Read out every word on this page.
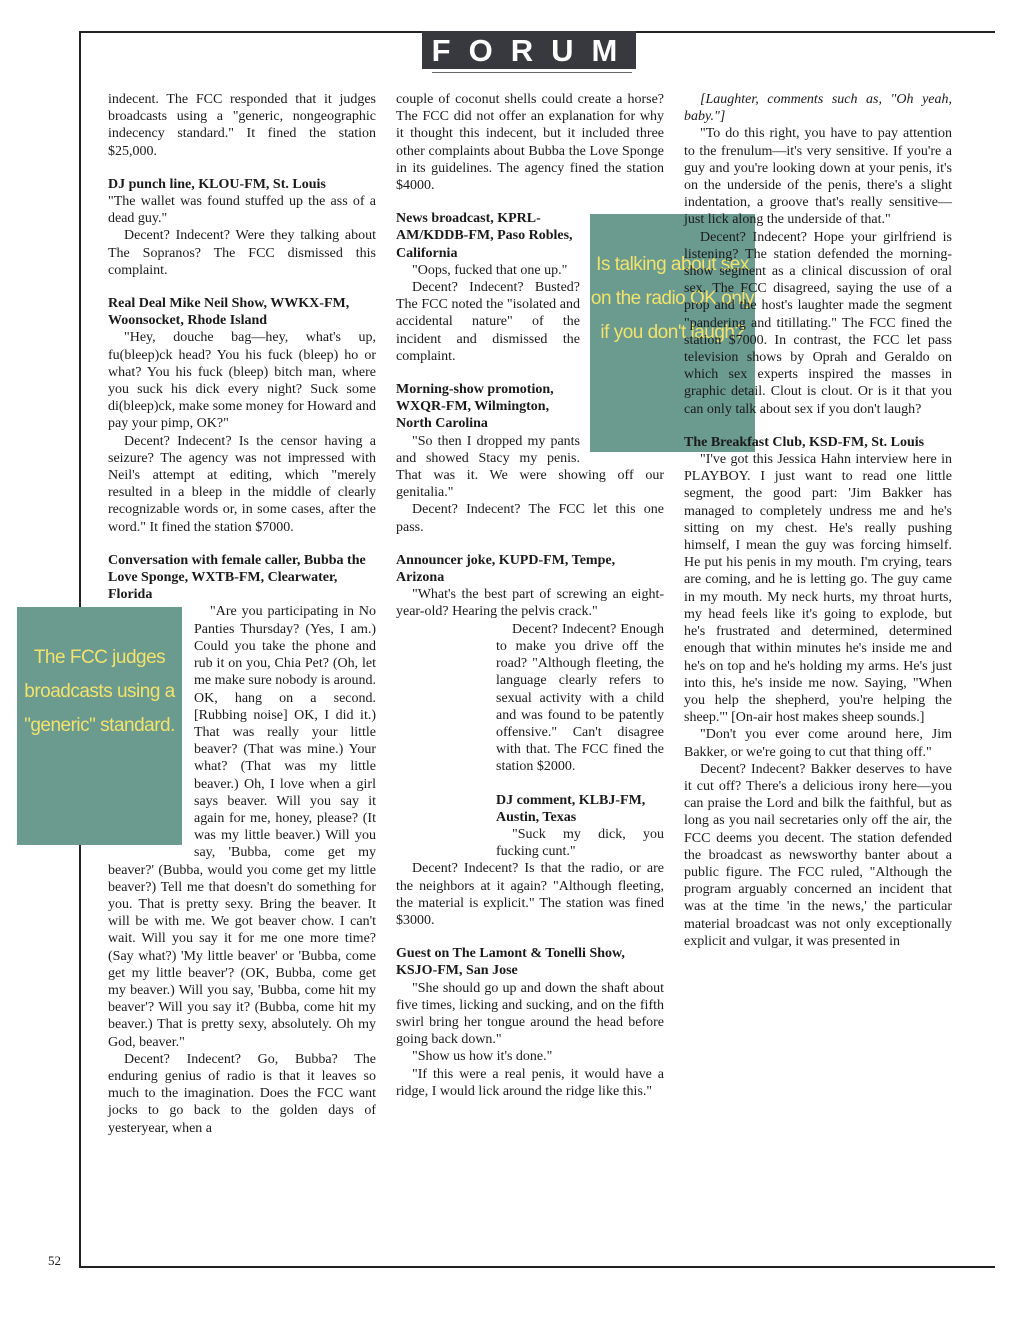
FORUM

indecent. The FCC responded that it judges broadcasts using a "generic, nongeographic indecency standard." It fined the station $25,000.

DJ punch line, KLOU-FM, St. Louis

"The wallet was found stuffed up the ass of a dead guy."

Decent? Indecent? Were they talking about The Sopranos? The FCC dismissed this complaint.

Real Deal Mike Neil Show, WWKX-FM, Woonsocket, Rhode Island

"Hey, douche bag—hey, what's up, fu(bleep)ck head? You his fuck (bleep) ho or what? You his fuck (bleep) bitch man, where you suck his dick every night? Suck some di(bleep)ck, make some money for Howard and pay your pimp, OK?"

Decent? Indecent? Is the censor having a seizure? The agency was not impressed with Neil's attempt at editing, which "merely resulted in a bleep in the middle of clearly recognizable words or, in some cases, after the word." It fined the station $7000.

Conversation with female caller, Bubba the Love Sponge, WXTB-FM, Clearwater, Florida

The FCC judges broadcasts using a "generic" standard.
"Are you participating in No Panties Thursday? (Yes, I am.) Could you take the phone and rub it on you, Chia Pet? (Oh, let me make sure nobody is around. OK, hang on a second. [Rubbing noise] OK, I did it.) That was really your little beaver? (That was mine.) Your what? (That was my little beaver.) Oh, I love when a girl says beaver. Will you say it again for me, honey, please? (It was my little beaver.) Will you say, 'Bubba, come get my beaver?' (Bubba, would you come get my little beaver?) Tell me that doesn't do something for you. That is pretty sexy. Bring the beaver. It will be with me. We got beaver chow. I can't wait. Will you say it for me one more time? (Say what?) 'My little beaver' or 'Bubba, come get my little beaver'? (OK, Bubba, come get my beaver.) Will you say, 'Bubba, come hit my beaver'? Will you say it? (Bubba, come hit my beaver.) That is pretty sexy, absolutely. Oh my God, beaver."

Decent? Indecent? Go, Bubba? The enduring genius of radio is that it leaves so much to the imagination. Does the FCC want jocks to go back to the golden days of yesteryear, when a

couple of coconut shells could create a horse? The FCC did not offer an explanation for why it thought this indecent, but it included three other complaints about Bubba the Love Sponge in its guidelines. The agency fined the station $4000.

Is talking about sex on the radio OK only if you don't laugh?
News broadcast, KPRL-AM/KDDB-FM, Paso Robles, California

"Oops, fucked that one up."

Decent? Indecent? Busted? The FCC noted the "isolated and accidental nature" of the incident and dismissed the complaint.

Morning-show promotion, WXQR-FM, Wilmington, North Carolina

"So then I dropped my pants and showed Stacy my penis. That was it. We were showing off our genitalia."

Decent? Indecent? The FCC let this one pass.

Announcer joke, KUPD-FM, Tempe, Arizona

"What's the best part of screwing an eight-year-old? Hearing the pelvis crack."

Decent? Indecent? Enough to make you drive off the road? "Although fleeting, the language clearly refers to sexual activity with a child and was found to be patently offensive." Can't disagree with that. The FCC fined the station $2000.

DJ comment, KLBJ-FM, Austin, Texas

"Suck my dick, you fucking cunt."

Decent? Indecent? Is that the radio, or are the neighbors at it again? "Although fleeting, the material is explicit." The station was fined $3000.

Guest on The Lamont & Tonelli Show, KSJO-FM, San Jose

"She should go up and down the shaft about five times, licking and sucking, and on the fifth swirl bring her tongue around the head before going back down."

"Show us how it's done."

"If this were a real penis, it would have a ridge, I would lick around the ridge like this."

[Laughter, comments such as, "Oh yeah, baby."]

"To do this right, you have to pay attention to the frenulum—it's very sensitive. If you're a guy and you're looking down at your penis, it's on the underside of the penis, there's a slight indentation, a groove that's really sensitive—just lick along the underside of that."

Decent? Indecent? Hope your girlfriend is listening? The station defended the morning-show segment as a clinical discussion of oral sex. The FCC disagreed, saying the use of a prop and the host's laughter made the segment "pandering and titillating." The FCC fined the station $7000. In contrast, the FCC let pass television shows by Oprah and Geraldo on which sex experts inspired the masses in graphic detail. Clout is clout. Or is it that you can only talk about sex if you don't laugh?

The Breakfast Club, KSD-FM, St. Louis

"I've got this Jessica Hahn interview here in PLAYBOY. I just want to read one little segment, the good part: 'Jim Bakker has managed to completely undress me and he's sitting on my chest. He's really pushing himself, I mean the guy was forcing himself. He put his penis in my mouth. I'm crying, tears are coming, and he is letting go. The guy came in my mouth. My neck hurts, my throat hurts, my head feels like it's going to explode, but he's frustrated and determined, determined enough that within minutes he's inside me and he's on top and he's holding my arms. He's just into this, he's inside me now. Saying, "When you help the shepherd, you're helping the sheep."' [On-air host makes sheep sounds.]

"Don't you ever come around here, Jim Bakker, or we're going to cut that thing off."

Decent? Indecent? Bakker deserves to have it cut off? There's a delicious irony here—you can praise the Lord and bilk the faithful, but as long as you nail secretaries only off the air, the FCC deems you decent. The station defended the broadcast as newsworthy banter about a public figure. The FCC ruled, "Although the program arguably concerned an incident that was at the time 'in the news,' the particular material broadcast was not only exceptionally explicit and vulgar, it was presented in

52
